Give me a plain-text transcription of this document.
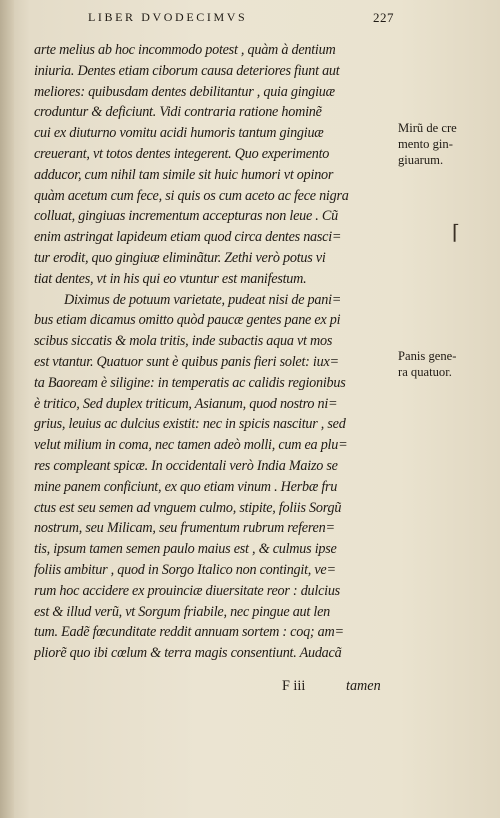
LIBER DVODECIMVS	227
arte melius ab hoc incommodo potest , quàm à dentium
iniuria. Dentes etiam ciborum causa deteriores fiunt aut
meliores: quibusdam dentes debilitantur , quia gingiuæ
croduntur & deficiunt. Vidi contraria ratione hominẽ
cui ex diuturno vomitu acidi humoris tantum gingiuæ
creuerant, vt totos dentes integerent. Quo experimento
adducor, cum nihil tam simile sit huic humori vt opinor
quàm acetum cum fece, si quis os cum aceto ac fece nigra
colluat, gingiuas incrementum accepturas non leue . Cũ
enim astringat lapideum etiam quod circa dentes nasci=
tur erodit, quo gingiuæ eliminãtur. Zethi verò potus vi
tiat dentes, vt in his qui eo vtuntur est manifestum.
Diximus de potuum varietate, pudeat nisi de pani=
bus etiam dicamus omitto quòd paucæ gentes pane ex pi
scibus siccatis & mola tritis, inde subactis aqua vt mos
est vtantur. Quatuor sunt è quibus panis fieri solet: iux=
ta Baoream è siligine: in temperatis ac calidis regionibus
è tritico, Sed duplex triticum, Asianum, quod nostro ni=
grius, leuius ac dulcius existit: nec in spicis nascitur , sed
velut milium in coma, nec tamen adeò molli, cum ea plu=
res compleant spicæ. In occidentali verò India Maizo se
mine panem conficiunt, ex quo etiam vinum . Herbæ fru
ctus est seu semen ad vnguem culmo, stipite, foliis Sorgũ
nostrum, seu Milicam, seu frumentum rubrum referen=
tis, ipsum tamen semen paulo maius est , & culmus ipse
foliis ambitur , quod in Sorgo Italico non contingit, ve=
rum hoc accidere ex prouinciæ diuersitate reor : dulcius
est & illud verũ, vt Sorgum friabile, nec pingue aut len
tum. Eadẽ fœcunditate reddit annuam sortem : coq; am=
pliorẽ quo ibi cœlum & terra magis consentiunt. Audacã
Mirũ de cre
mento gin-
giuarum.
⌈
Panis gene-
ra quatuor.
F iii	tamen
